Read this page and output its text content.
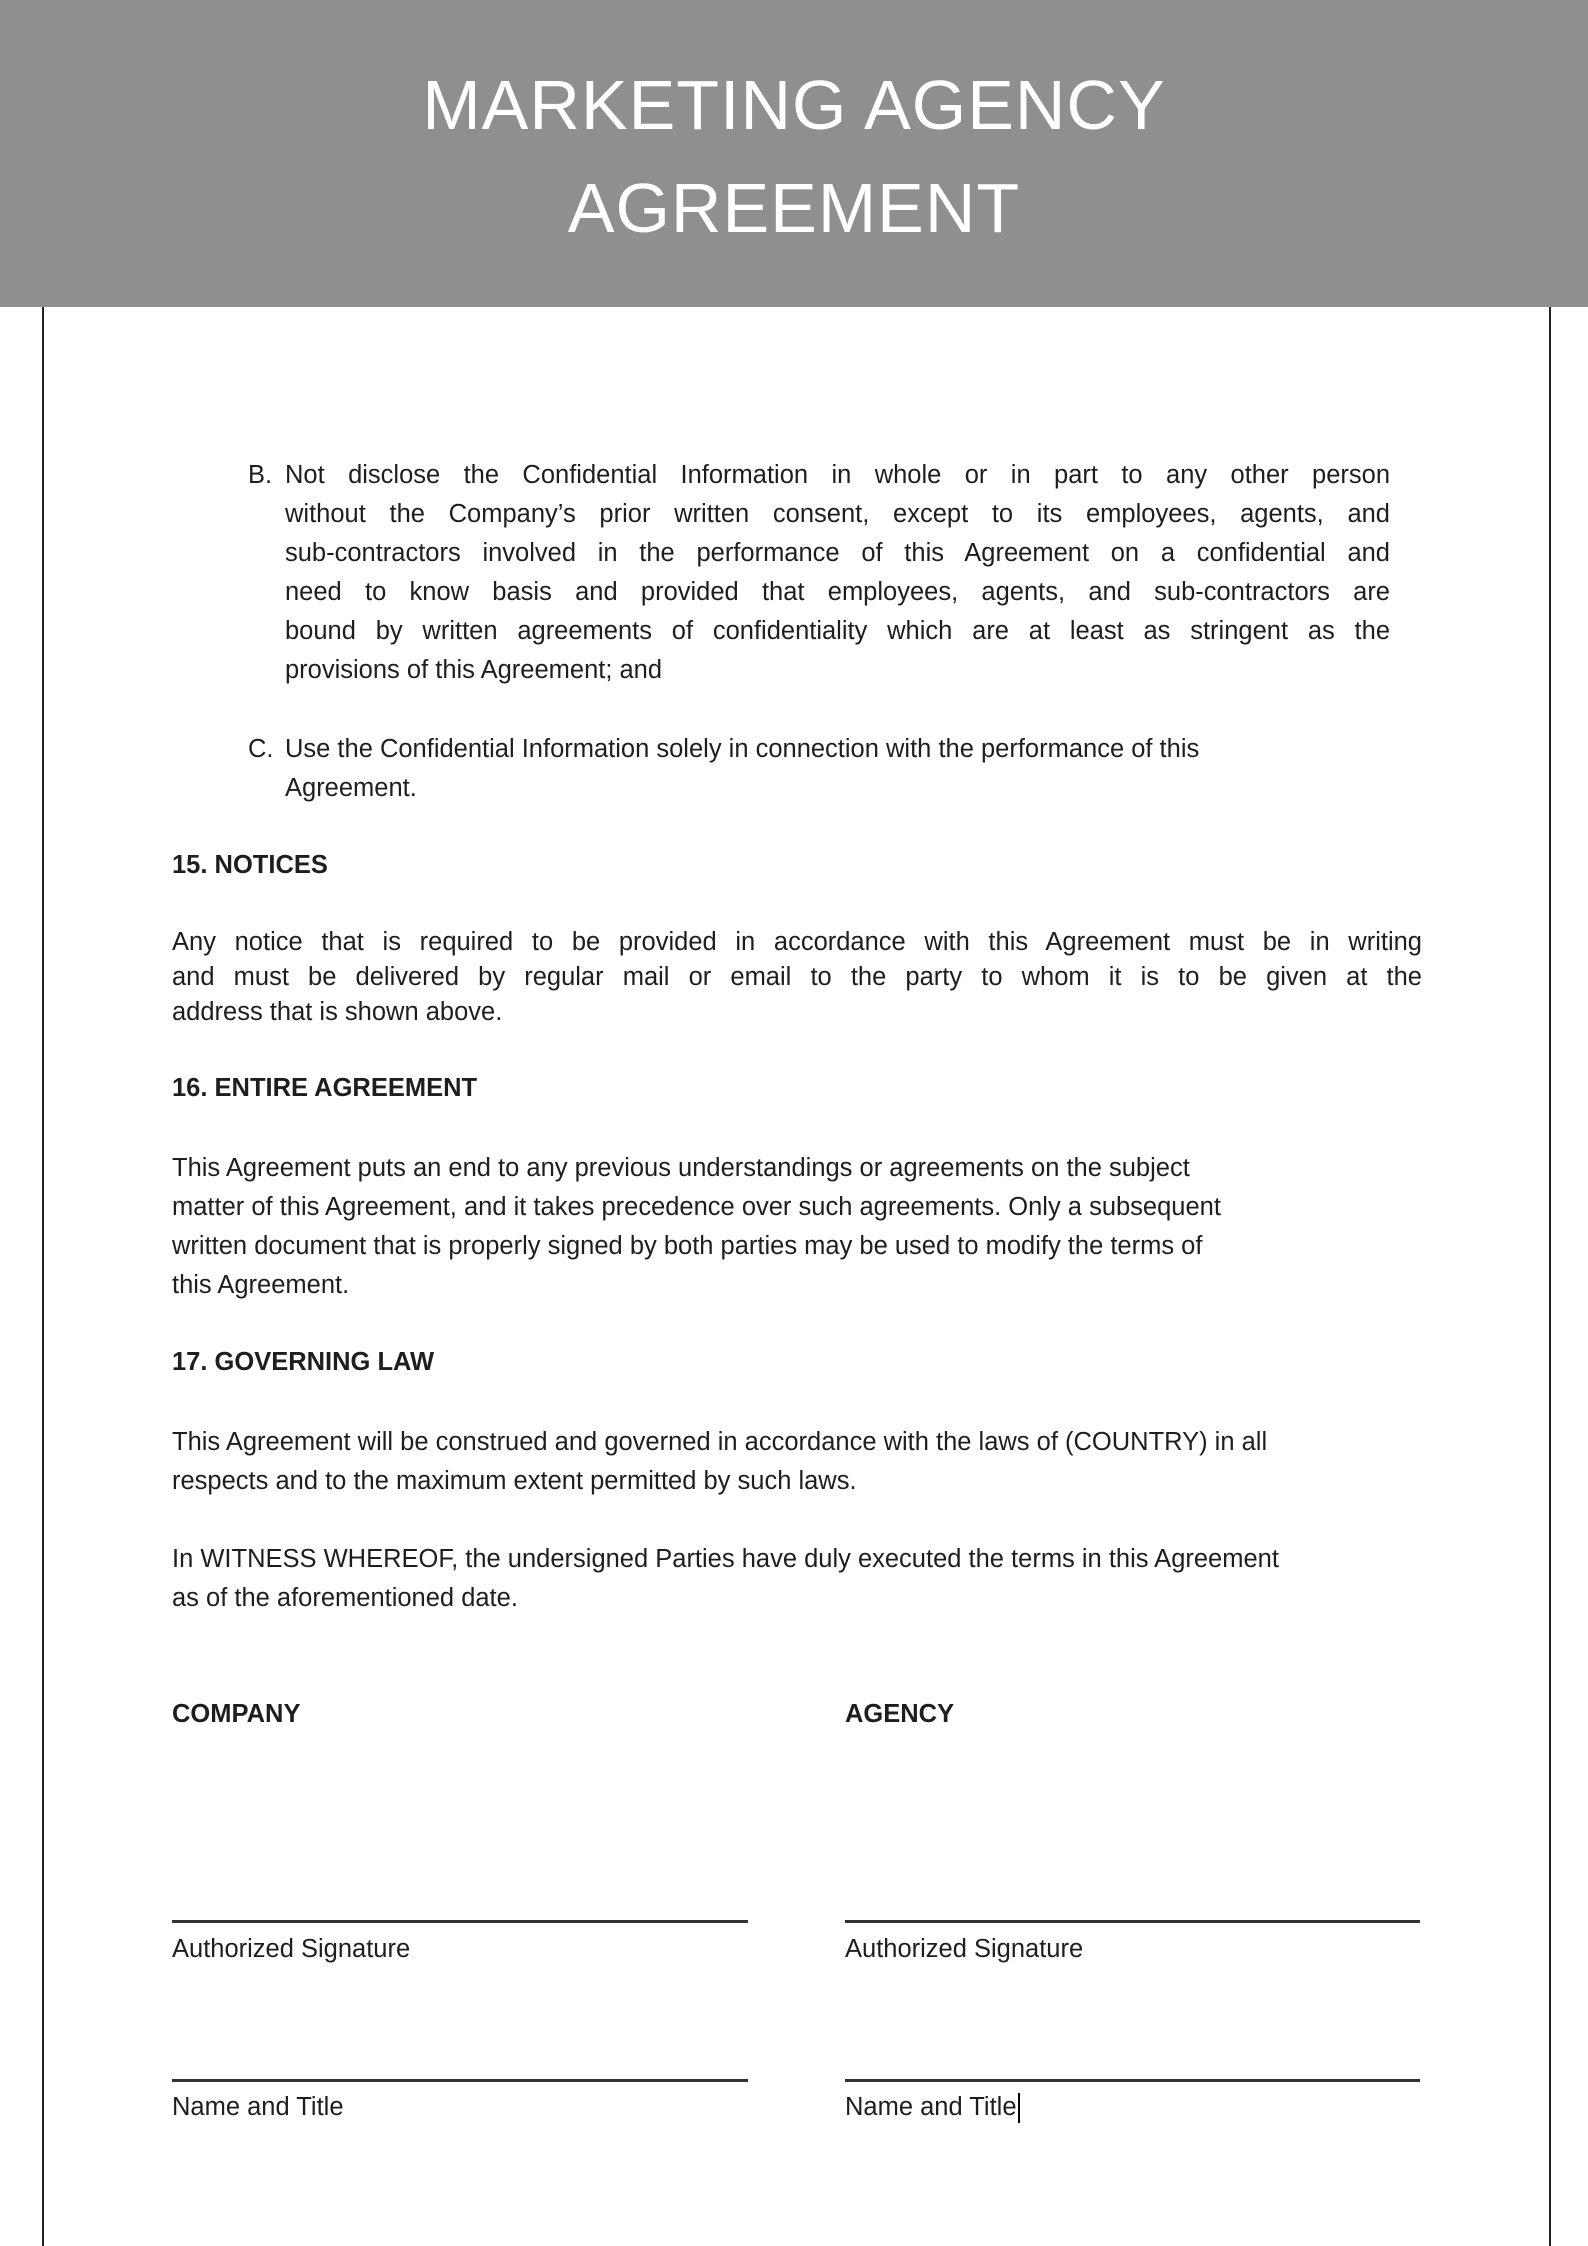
MARKETING AGENCY
AGREEMENT
B. Not disclose the Confidential Information in whole or in part to any other person
without the Company’s prior written consent, except to its employees, agents, and
sub-contractors involved in the performance of this Agreement on a confidential and
need to know basis and provided that employees, agents, and sub-contractors are
bound by written agreements of confidentiality which are at least as stringent as the
provisions of this Agreement; and
C. Use the Confidential Information solely in connection with the performance of this
Agreement.
15. NOTICES
Any notice that is required to be provided in accordance with this Agreement must be in writing
and must be delivered by regular mail or email to the party to whom it is to be given at the
address that is shown above.
16. ENTIRE AGREEMENT
This Agreement puts an end to any previous understandings or agreements on the subject
matter of this Agreement, and it takes precedence over such agreements. Only a subsequent
written document that is properly signed by both parties may be used to modify the terms of
this Agreement.
17. GOVERNING LAW
This Agreement will be construed and governed in accordance with the laws of (COUNTRY) in all
respects and to the maximum extent permitted by such laws.
In WITNESS WHEREOF, the undersigned Parties have duly executed the terms in this Agreement
as of the aforementioned date.
COMPANY	AGENCY
Authorized Signature	Authorized Signature
Name and Title	Name and Title
